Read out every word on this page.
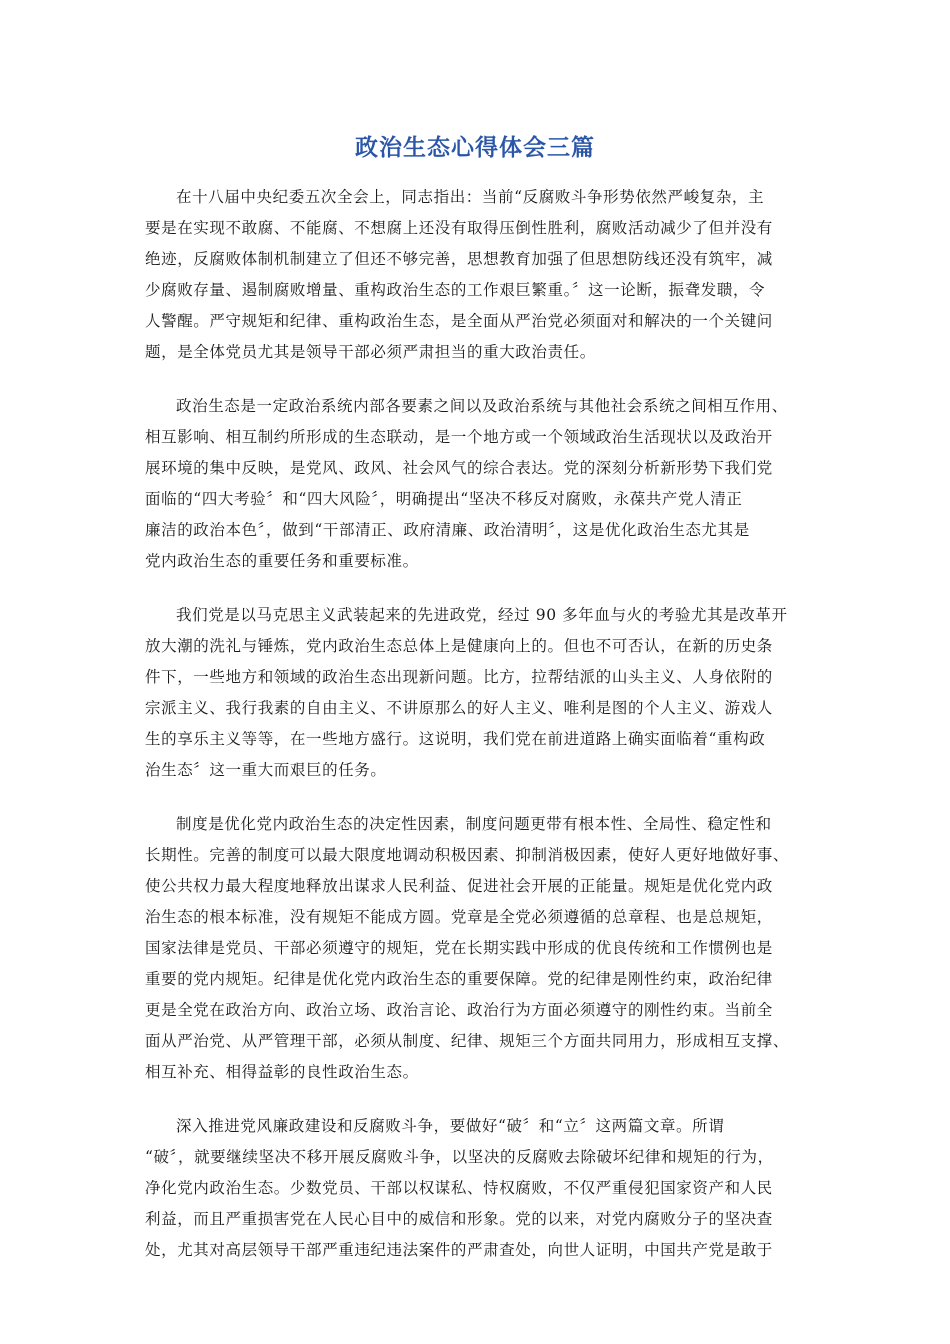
政治生态心得体会三篇

在十八届中央纪委五次全会上，同志指出：当前“反腐败斗争形势依然严峻复杂，主
要是在实现不敢腐、不能腐、不想腐上还没有取得压倒性胜利，腐败活动减少了但并没有
绝迹，反腐败体制机制建立了但还不够完善，思想教育加强了但思想防线还没有筑牢，减
少腐败存量、遏制腐败增量、重构政治生态的工作艰巨繁重。〞这一论断，振聋发聩，令
人警醒。严守规矩和纪律、重构政治生态，是全面从严治党必须面对和解决的一个关键问
题，是全体党员尤其是领导干部必须严肃担当的重大政治责任。

政治生态是一定政治系统内部各要素之间以及政治系统与其他社会系统之间相互作用、
相互影响、相互制约所形成的生态联动，是一个地方或一个领域政治生活现状以及政治开
展环境的集中反映，是党风、政风、社会风气的综合表达。党的深刻分析新形势下我们党
面临的“四大考验〞和“四大风险〞，明确提出“坚决不移反对腐败，永葆共产党人清正
廉洁的政治本色〞，做到“干部清正、政府清廉、政治清明〞，这是优化政治生态尤其是
党内政治生态的重要任务和重要标准。

我们党是以马克思主义武装起来的先进政党，经过 90 多年血与火的考验尤其是改革开
放大潮的洗礼与锤炼，党内政治生态总体上是健康向上的。但也不可否认，在新的历史条
件下，一些地方和领域的政治生态出现新问题。比方，拉帮结派的山头主义、人身依附的
宗派主义、我行我素的自由主义、不讲原那么的好人主义、唯利是图的个人主义、游戏人
生的享乐主义等等，在一些地方盛行。这说明，我们党在前进道路上确实面临着“重构政
治生态〞这一重大而艰巨的任务。

制度是优化党内政治生态的决定性因素，制度问题更带有根本性、全局性、稳定性和
长期性。完善的制度可以最大限度地调动积极因素、抑制消极因素，使好人更好地做好事、
使公共权力最大程度地释放出谋求人民利益、促进社会开展的正能量。规矩是优化党内政
治生态的根本标准，没有规矩不能成方圆。党章是全党必须遵循的总章程、也是总规矩，
国家法律是党员、干部必须遵守的规矩，党在长期实践中形成的优良传统和工作惯例也是
重要的党内规矩。纪律是优化党内政治生态的重要保障。党的纪律是刚性约束，政治纪律
更是全党在政治方向、政治立场、政治言论、政治行为方面必须遵守的刚性约束。当前全
面从严治党、从严管理干部，必须从制度、纪律、规矩三个方面共同用力，形成相互支撑、
相互补充、相得益彰的良性政治生态。

深入推进党风廉政建设和反腐败斗争，要做好“破〞和“立〞这两篇文章。所谓
“破〞，就要继续坚决不移开展反腐败斗争，以坚决的反腐败去除破坏纪律和规矩的行为，
净化党内政治生态。少数党员、干部以权谋私、恃权腐败，不仅严重侵犯国家资产和人民
利益，而且严重损害党在人民心目中的威信和形象。党的以来，对党内腐败分子的坚决查
处，尤其对高层领导干部严重违纪违法案件的严肃查处，向世人证明，中国共产党是敢于
